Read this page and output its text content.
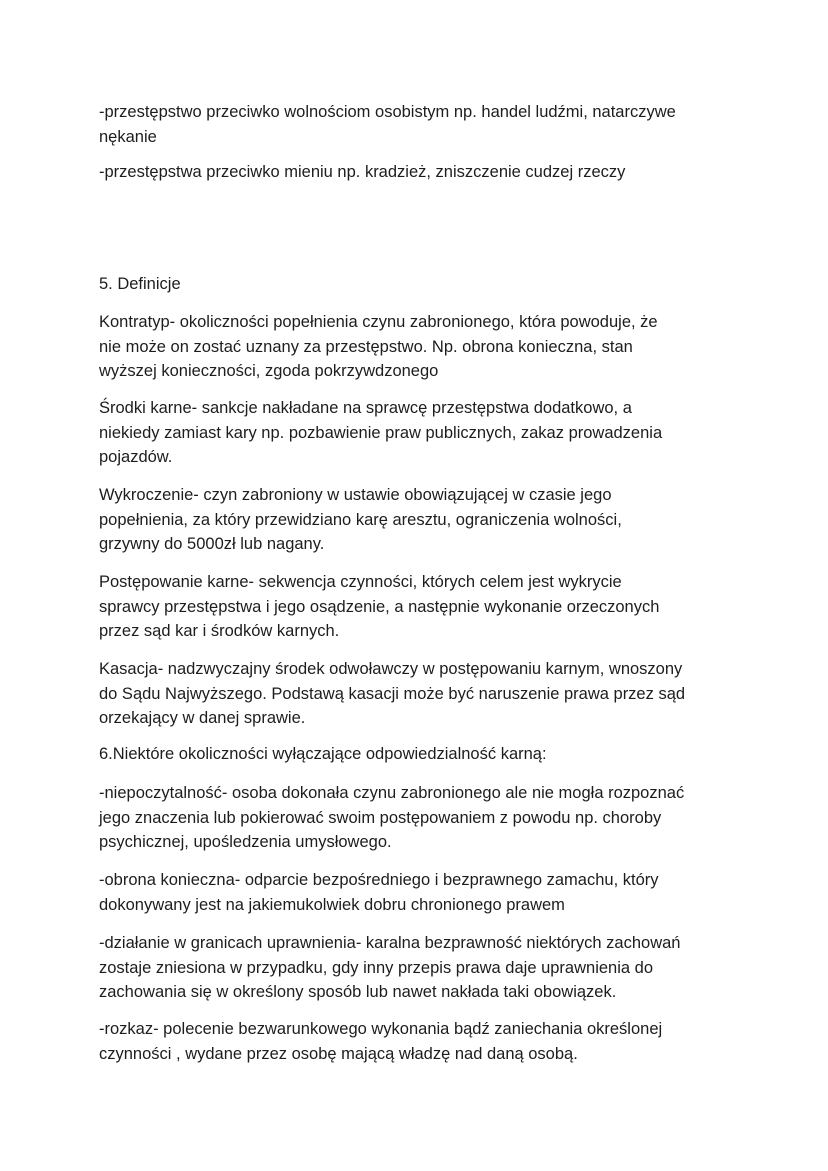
-przestępstwo przeciwko wolnościom osobistym np. handel ludźmi, natarczywe
nękanie

-przestępstwa przeciwko mieniu np. kradzież, zniszczenie cudzej rzeczy

5. Definicje

Kontratyp- okoliczności popełnienia czynu zabronionego, która powoduje, że
nie może on zostać uznany za przestępstwo. Np. obrona konieczna, stan
wyższej konieczności, zgoda pokrzywdzonego

Środki karne- sankcje nakładane na sprawcę przestępstwa dodatkowo, a
niekiedy zamiast kary np. pozbawienie praw publicznych, zakaz prowadzenia
pojazdów.

Wykroczenie- czyn zabroniony w ustawie obowiązującej w czasie jego
popełnienia, za który przewidziano karę aresztu, ograniczenia wolności,
grzywny do 5000zł lub nagany.

Postępowanie karne- sekwencja czynności, których celem jest wykrycie
sprawcy przestępstwa i jego osądzenie, a następnie wykonanie orzeczonych
przez sąd kar i środków karnych.

Kasacja- nadzwyczajny środek odwoławczy w postępowaniu karnym, wnoszony
do Sądu Najwyższego. Podstawą kasacji może być naruszenie prawa przez sąd
orzekający w danej sprawie.

6.Niektóre okoliczności wyłączające odpowiedzialność karną:

-niepoczytalność- osoba dokonała czynu zabronionego ale nie mogła rozpoznać
jego znaczenia lub pokierować swoim postępowaniem z powodu np. choroby
psychicznej, upośledzenia umysłowego.

-obrona konieczna- odparcie bezpośredniego i bezprawnego zamachu, który
dokonywany jest na jakiemukolwiek dobru chronionego prawem

-działanie w granicach uprawnienia- karalna bezprawność niektórych zachowań
zostaje zniesiona w przypadku, gdy inny przepis prawa daje uprawnienia do
zachowania się w określony sposób lub nawet nakłada taki obowiązek.

-rozkaz- polecenie bezwarunkowego wykonania bądź zaniechania określonej
czynności , wydane przez osobę mającą władzę nad daną osobą.
